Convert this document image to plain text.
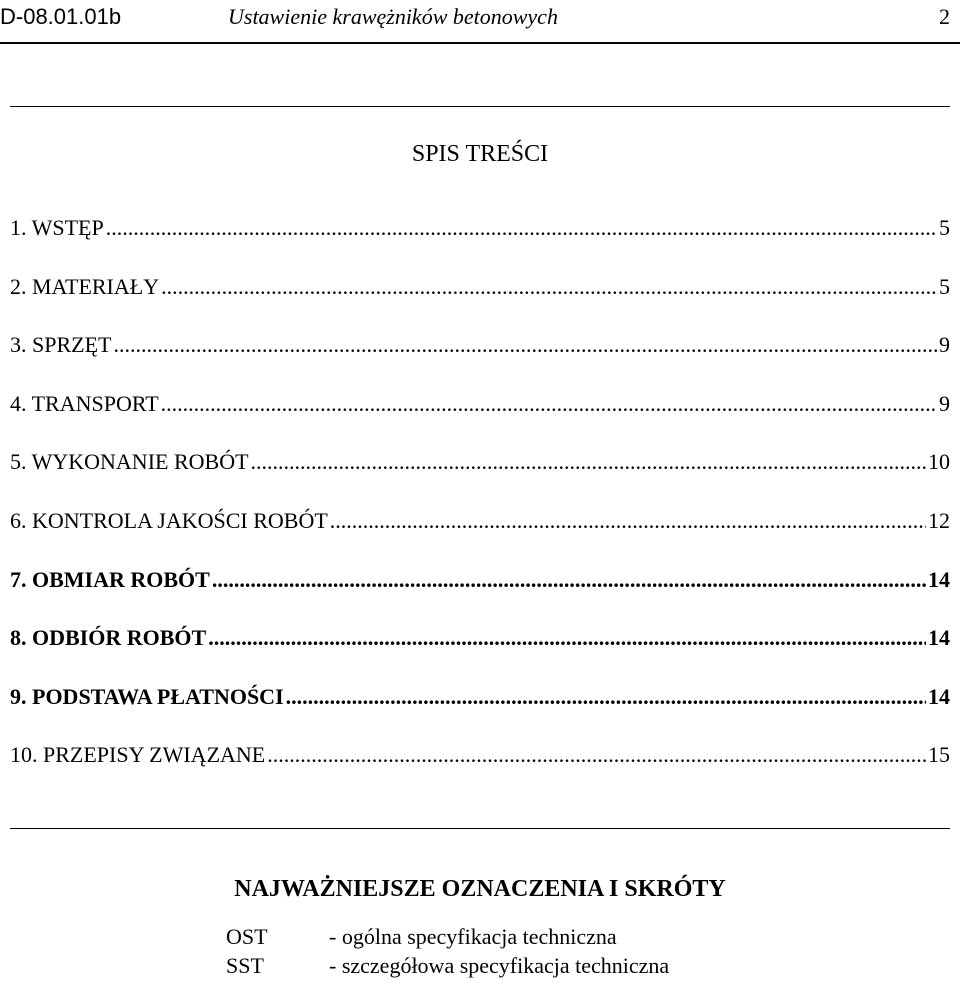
D-08.01.01b	Ustawienie krawężników betonowych	2
SPIS TREŚCI
1. WSTĘP .....	5
2. MATERIAŁY .....	5
3. SPRZĘT .....	9
4. TRANSPORT .....	9
5. WYKONANIE ROBÓT .....	10
6. KONTROLA JAKOŚCI ROBÓT .....	12
7. OBMIAR ROBÓT .....	14
8. ODBIÓR ROBÓT .....	14
9. PODSTAWA PŁATNOŚCI .....	14
10. PRZEPISY ZWIĄZANE .....	15
NAJWAŻNIEJSZE OZNACZENIA I SKRÓTY
OST	- ogólna specyfikacja techniczna
SST	- szczegółowa specyfikacja techniczna
